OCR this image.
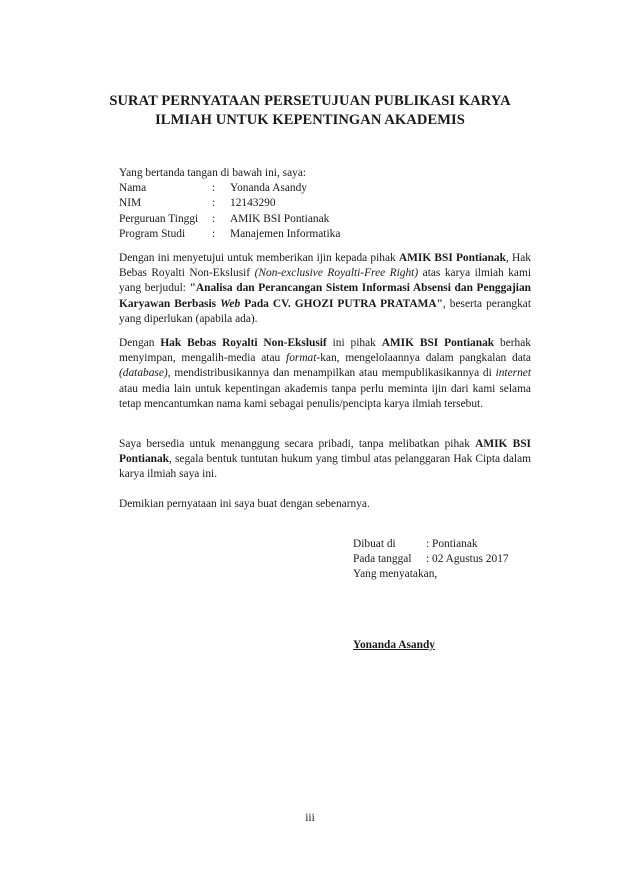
SURAT PERNYATAAN PERSETUJUAN PUBLIKASI KARYA
ILMIAH UNTUK KEPENTINGAN AKADEMIS
Yang bertanda tangan di bawah ini, saya:
Nama	:	Yonanda Asandy
NIM	:	12143290
Perguruan Tinggi	:	AMIK BSI Pontianak
Program Studi	:	Manajemen Informatika
Dengan ini menyetujui untuk memberikan ijin kepada pihak AMIK BSI Pontianak, Hak Bebas Royalti Non-Ekslusif (Non-exclusive Royalti-Free Right) atas karya ilmiah kami yang berjudul: "Analisa dan Perancangan Sistem Informasi Absensi dan Penggajian Karyawan Berbasis Web Pada CV. GHOZI PUTRA PRATAMA", beserta perangkat yang diperlukan (apabila ada).
Dengan Hak Bebas Royalti Non-Ekslusif ini pihak AMIK BSI Pontianak berhak menyimpan, mengalih-media atau format-kan, mengelolaannya dalam pangkalan data (database), mendistribusikannya dan menampilkan atau mempublikasikannya di internet atau media lain untuk kepentingan akademis tanpa perlu meminta ijin dari kami selama tetap mencantumkan nama kami sebagai penulis/pencipta karya ilmiah tersebut.
Saya bersedia untuk menanggung secara pribadi, tanpa melibatkan pihak AMIK BSI Pontianak, segala bentuk tuntutan hukum yang timbul atas pelanggaran Hak Cipta dalam karya ilmiah saya ini.
Demikian pernyataan ini saya buat dengan sebenarnya.
Dibuat di	: Pontianak
Pada tanggal	: 02 Agustus 2017
Yang menyatakan,
Yonanda Asandy
iii
